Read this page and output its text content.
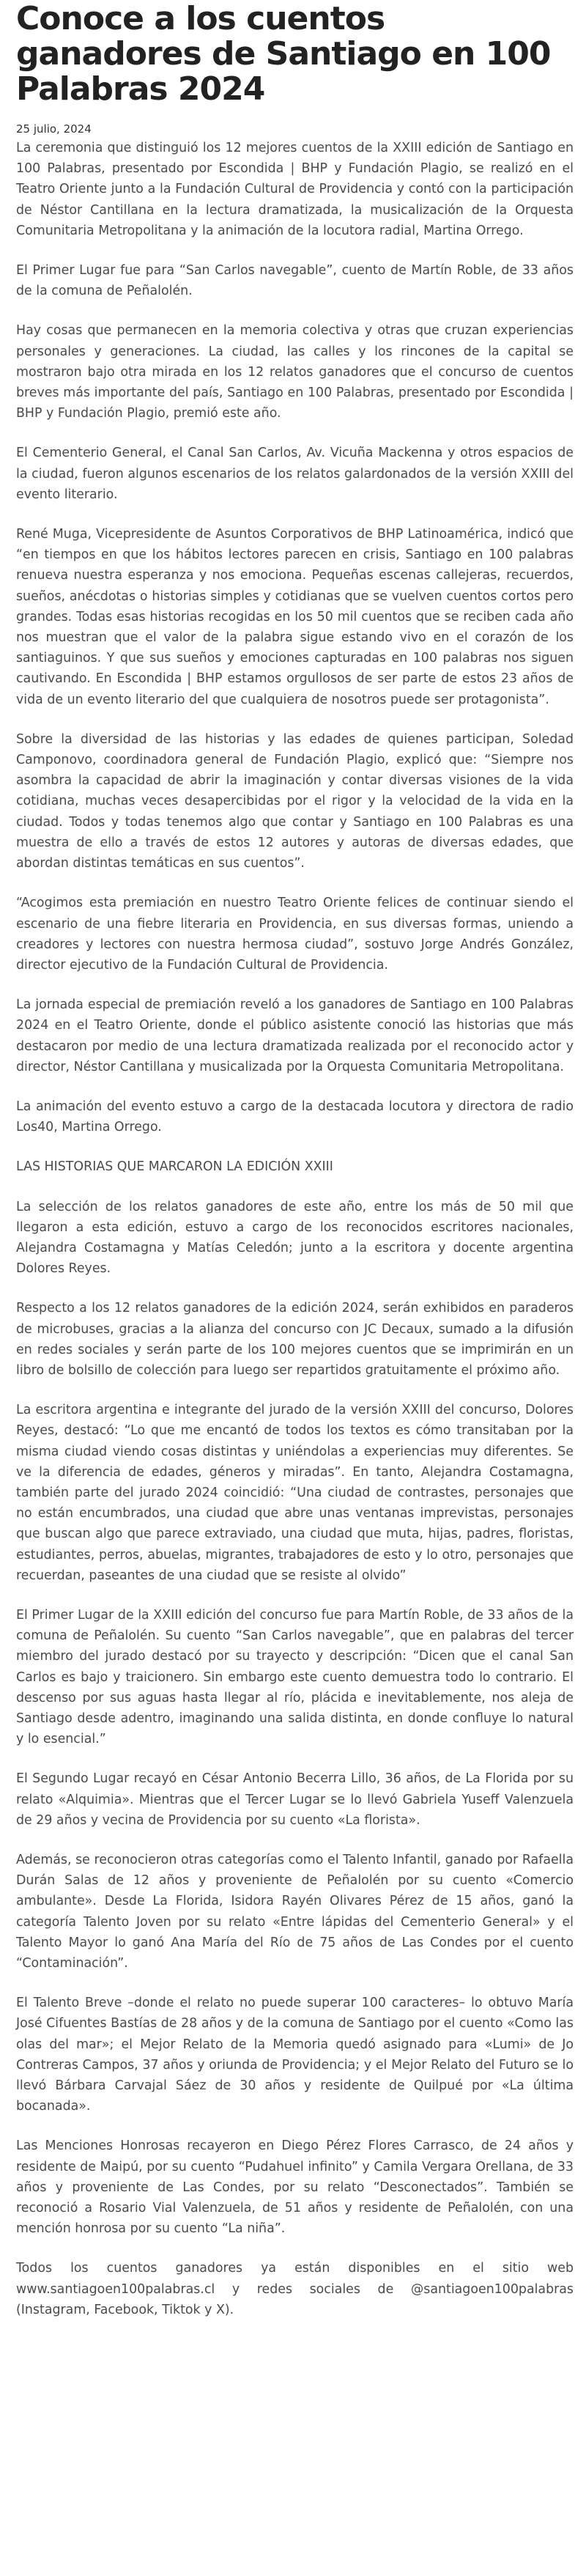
Conoce a los cuentos ganadores de Santiago en 100 Palabras 2024
25 julio, 2024

La ceremonia que distinguió los 12 mejores cuentos de la XXIII edición de Santiago en 100 Palabras, presentado por Escondida | BHP y Fundación Plagio, se realizó en el Teatro Oriente junto a la Fundación Cultural de Providencia y contó con la participación de Néstor Cantillana en la lectura dramatizada, la musicalización de la Orquesta Comunitaria Metropolitana y la animación de la locutora radial, Martina Orrego.

El Primer Lugar fue para “San Carlos navegable”, cuento de Martín Roble, de 33 años de la comuna de Peñalolén.

Hay cosas que permanecen en la memoria colectiva y otras que cruzan experiencias personales y generaciones. La ciudad, las calles y los rincones de la capital se mostraron bajo otra mirada en los 12 relatos ganadores que el concurso de cuentos breves más importante del país, Santiago en 100 Palabras, presentado por Escondida | BHP y Fundación Plagio, premió este año.

El Cementerio General, el Canal San Carlos, Av. Vicuña Mackenna y otros espacios de la ciudad, fueron algunos escenarios de los relatos galardonados de la versión XXIII del evento literario.

René Muga, Vicepresidente de Asuntos Corporativos de BHP Latinoamérica, indicó que “en tiempos en que los hábitos lectores parecen en crisis, Santiago en 100 palabras renueva nuestra esperanza y nos emociona. Pequeñas escenas callejeras, recuerdos, sueños, anécdotas o historias simples y cotidianas que se vuelven cuentos cortos pero grandes. Todas esas historias recogidas en los 50 mil cuentos que se reciben cada año nos muestran que el valor de la palabra sigue estando vivo en el corazón de los santiaguinos. Y que sus sueños y emociones capturadas en 100 palabras nos siguen cautivando. En Escondida | BHP estamos orgullosos de ser parte de estos 23 años de vida de un evento literario del que cualquiera de nosotros puede ser protagonista”.

Sobre la diversidad de las historias y las edades de quienes participan, Soledad Camponovo, coordinadora general de Fundación Plagio, explicó que: “Siempre nos asombra la capacidad de abrir la imaginación y contar diversas visiones de la vida cotidiana, muchas veces desapercibidas por el rigor y la velocidad de la vida en la ciudad. Todos y todas tenemos algo que contar y Santiago en 100 Palabras es una muestra de ello a través de estos 12 autores y autoras de diversas edades, que abordan distintas temáticas en sus cuentos”.

“Acogimos esta premiación en nuestro Teatro Oriente felices de continuar siendo el escenario de una fiebre literaria en Providencia, en sus diversas formas, uniendo a creadores y lectores con nuestra hermosa ciudad”, sostuvo Jorge Andrés González, director ejecutivo de la Fundación Cultural de Providencia.

La jornada especial de premiación reveló a los ganadores de Santiago en 100 Palabras 2024 en el Teatro Oriente, donde el público asistente conoció las historias que más destacaron por medio de una lectura dramatizada realizada por el reconocido actor y director, Néstor Cantillana y musicalizada por la Orquesta Comunitaria Metropolitana.

La animación del evento estuvo a cargo de la destacada locutora y directora de radio Los40, Martina Orrego.

LAS HISTORIAS QUE MARCARON LA EDICIÓN XXIII

La selección de los relatos ganadores de este año, entre los más de 50 mil que llegaron a esta edición, estuvo a cargo de los reconocidos escritores nacionales, Alejandra Costamagna y Matías Celedón; junto a la escritora y docente argentina Dolores Reyes.

Respecto a los 12 relatos ganadores de la edición 2024, serán exhibidos en paraderos de microbuses, gracias a la alianza del concurso con JC Decaux, sumado a la difusión en redes sociales y serán parte de los 100 mejores cuentos que se imprimirán en un libro de bolsillo de colección para luego ser repartidos gratuitamente el próximo año.

La escritora argentina e integrante del jurado de la versión XXIII del concurso, Dolores Reyes, destacó: “Lo que me encantó de todos los textos es cómo transitaban por la misma ciudad viendo cosas distintas y uniéndolas a experiencias muy diferentes. Se ve la diferencia de edades, géneros y miradas”. En tanto, Alejandra Costamagna, también parte del jurado 2024 coincidió: “Una ciudad de contrastes, personajes que no están encumbrados, una ciudad que abre unas ventanas imprevistas, personajes que buscan algo que parece extraviado, una ciudad que muta, hijas, padres, floristas, estudiantes, perros, abuelas, migrantes, trabajadores de esto y lo otro, personajes que recuerdan, paseantes de una ciudad que se resiste al olvido”

El Primer Lugar de la XXIII edición del concurso fue para Martín Roble, de 33 años de la comuna de Peñalolén. Su cuento “San Carlos navegable”, que en palabras del tercer miembro del jurado destacó por su trayecto y descripción: “Dicen que el canal San Carlos es bajo y traicionero. Sin embargo este cuento demuestra todo lo contrario. El descenso por sus aguas hasta llegar al río, plácida e inevitablemente, nos aleja de Santiago desde adentro, imaginando una salida distinta, en donde confluye lo natural y lo esencial.”

El Segundo Lugar recayó en César Antonio Becerra Lillo, 36 años, de La Florida por su relato «Alquimia». Mientras que el Tercer Lugar se lo llevó Gabriela Yuseff Valenzuela de 29 años y vecina de Providencia por su cuento «La florista».

Además, se reconocieron otras categorías como el Talento Infantil, ganado por Rafaella Durán Salas de 12 años y proveniente de Peñalolén por su cuento «Comercio ambulante». Desde La Florida, Isidora Rayén Olivares Pérez de 15 años, ganó la categoría Talento Joven por su relato «Entre lápidas del Cementerio General» y el Talento Mayor lo ganó Ana María del Río de 75 años de Las Condes por el cuento “Contaminación”.

El Talento Breve –donde el relato no puede superar 100 caracteres– lo obtuvo María José Cifuentes Bastías de 28 años y de la comuna de Santiago por el cuento «Como las olas del mar»; el Mejor Relato de la Memoria quedó asignado para «Lumi» de Jo Contreras Campos, 37 años y oriunda de Providencia; y el Mejor Relato del Futuro se lo llevó Bárbara Carvajal Sáez de 30 años y residente de Quilpué por «La última bocanada».

Las Menciones Honrosas recayeron en Diego Pérez Flores Carrasco, de 24 años y residente de Maipú, por su cuento “Pudahuel infinito” y Camila Vergara Orellana, de 33 años y proveniente de Las Condes, por su relato “Desconectados”. También se reconoció a Rosario Vial Valenzuela, de 51 años y residente de Peñalolén, con una mención honrosa por su cuento “La niña”.

Todos los cuentos ganadores ya están disponibles en el sitio web www.santiagoen100palabras.cl y redes sociales de @santiagoen100palabras (Instagram, Facebook, Tiktok y X).
